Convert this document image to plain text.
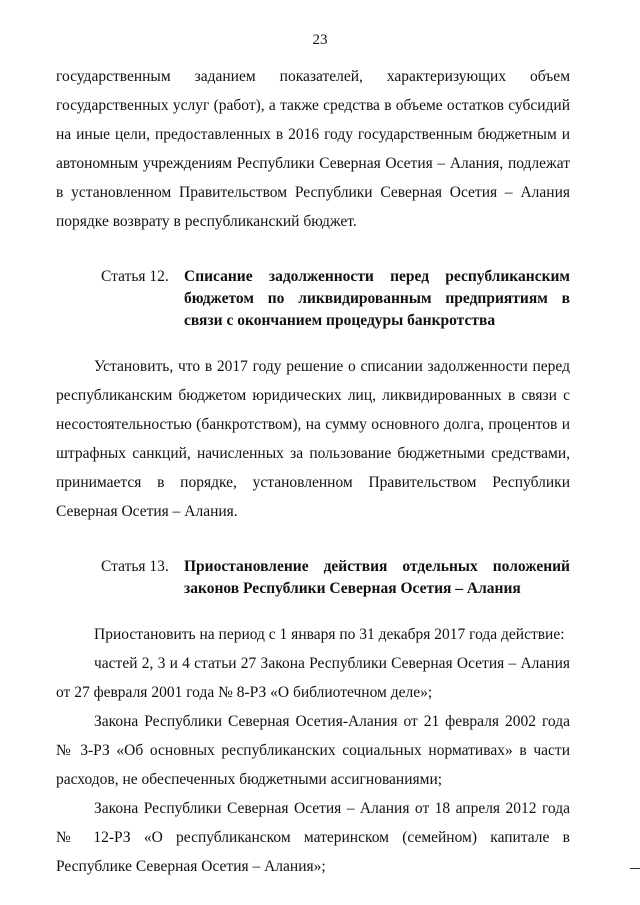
23
государственным заданием показателей, характеризующих объем
государственных услуг (работ), а также средства в объеме остатков субсидий
на иные цели, предоставленных в 2016 году государственным бюджетным и
автономным учреждениям Республики Северная Осетия – Алания, подлежат
в установленном Правительством Республики Северная Осетия – Алания
порядке возврату в республиканский бюджет.
Статья 12. Списание задолженности перед республиканским
бюджетом по ликвидированным предприятиям в
связи с окончанием процедуры банкротства
Установить, что в 2017 году решение о списании задолженности перед
республиканским бюджетом юридических лиц, ликвидированных в связи с
несостоятельностью (банкротством), на сумму основного долга, процентов и
штрафных санкций, начисленных за пользование бюджетными средствами,
принимается в порядке, установленном Правительством Республики
Северная Осетия – Алания.
Статья 13. Приостановление действия отдельных положений
законов Республики Северная Осетия – Алания
Приостановить на период с 1 января по 31 декабря 2017 года действие:
частей 2, 3 и 4 статьи 27 Закона Республики Северная Осетия – Алания
от 27 февраля 2001 года № 8-РЗ «О библиотечном деле»;
Закона Республики Северная Осетия-Алания от 21 февраля 2002 года
№ 3-РЗ «Об основных республиканских социальных нормативах» в части
расходов, не обеспеченных бюджетными ассигнованиями;
Закона Республики Северная Осетия – Алания от 18 апреля 2012 года
№ 12-РЗ «О республиканском материнском (семейном) капитале в
Республике Северная Осетия – Алания»;
